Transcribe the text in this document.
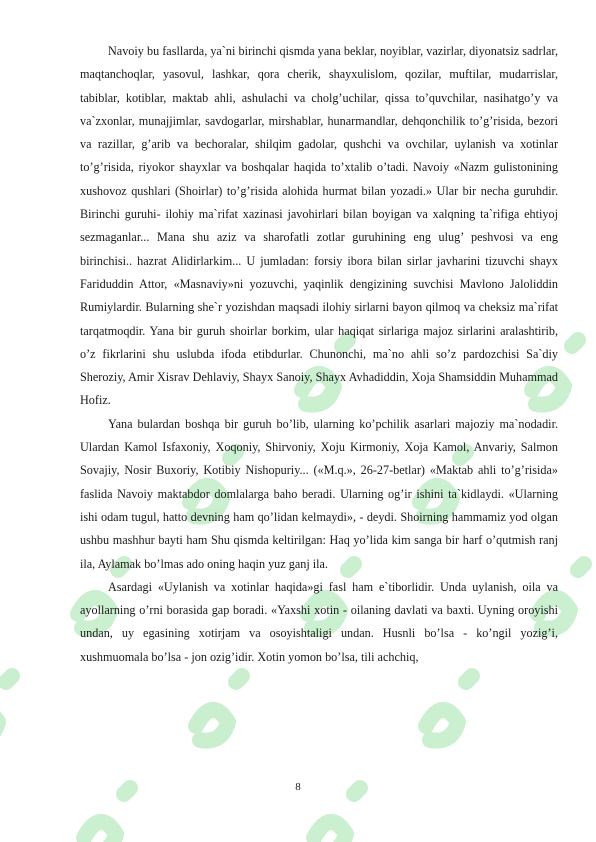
Navoiy bu fasllarda, ya`ni birinchi qismda yana beklar, noyiblar, vazirlar, diyonatsiz sadrlar, maqtanchoqlar, yasovul, lashkar, qora cherik, shayxulislom, qozilar, muftilar, mudarrislar, tabiblar, kotiblar, maktab ahli, ashulachi va cholg’uchilar, qissa to’quvchilar, nasihatgo’y va va`zxonlar, munajjimlar, savdogarlar, mirshablar, hunarmandlar, dehqonchilik to’g’risida, bezori va razillar, g’arib va bechoralar, shilqim gadolar, qushchi va ovchilar, uylanish va xotinlar to’g’risida, riyokor shayxlar va boshqalar haqida to’xtalib o’tadi. Navoiy «Nazm gulistonining xushovoz qushlari (Shoirlar) to’g’risida alohida hurmat bilan yozadi.» Ular bir necha guruhdir. Birinchi guruhi- ilohiy ma`rifat xazinasi javohirlari bilan boyigan va xalqning ta`rifiga ehtiyoj sezmaganlar... Mana shu aziz va sharofatli zotlar guruhining eng ulug’ peshvosi va eng birinchisi.. hazrat Alidirlarkim... U jumladan: forsiy ibora bilan sirlar javharini tizuvchi shayx Fariduddin Attor, «Masnaviy»ni yozuvchi, yaqinlik dengizining suvchisi Mavlono Jaloliddin Rumiylardir. Bularning she`r yozishdan maqsadi ilohiy sirlarni bayon qilmoq va cheksiz ma`rifat tarqatmoqdir. Yana bir guruh shoirlar borkim, ular haqiqat sirlariga majoz sirlarini aralashtirib, o’z fikrlarini shu uslubda ifoda etibdurlar. Chunonchi, ma`no ahli so’z pardozchisi Sa`diy Sheroziy, Amir Xisrav Dehlaviy, Shayx Sanoiy, Shayx Avhadiddin, Xoja Shamsiddin Muhammad Hofiz.

Yana bulardan boshqa bir guruh bo’lib, ularning ko’pchilik asarlari majoziy ma`nodadir. Ulardan Kamol Isfaxoniy, Xoqoniy, Shirvoniy, Xoju Kirmoniy, Xoja Kamol, Anvariy, Salmon Sovajiy, Nosir Buxoriy, Kotibiy Nishopuriy... («M.q.», 26-27-betlar) «Maktab ahli to’g’risida» faslida Navoiy maktabdor domlalarga baho beradi. Ularning og’ir ishini ta`kidlaydi. «Ularning ishi odam tugul, hatto devning ham qo’lidan kelmaydi», - deydi. Shoirning hammamiz yod olgan ushbu mashhur bayti ham Shu qismda keltirilgan: Haq yo’lida kim sanga bir harf o’qutmish ranj ila, Aylamak bo’lmas ado oning haqin yuz ganj ila.

Asardagi «Uylanish va xotinlar haqida»gi fasl ham e`tiborlidir. Unda uylanish, oila va ayollarning o’rni borasida gap boradi. «Yaxshi xotin - oilaning davlati va baxti. Uyning oroyishi undan, uy egasining xotirjam va osoyishtaligi undan. Husnli bo’lsa - ko’ngil yozig’i, xushmuomala bo’lsa - jon ozig’idir. Xotin yomon bo’lsa, tili achchiq,

8
